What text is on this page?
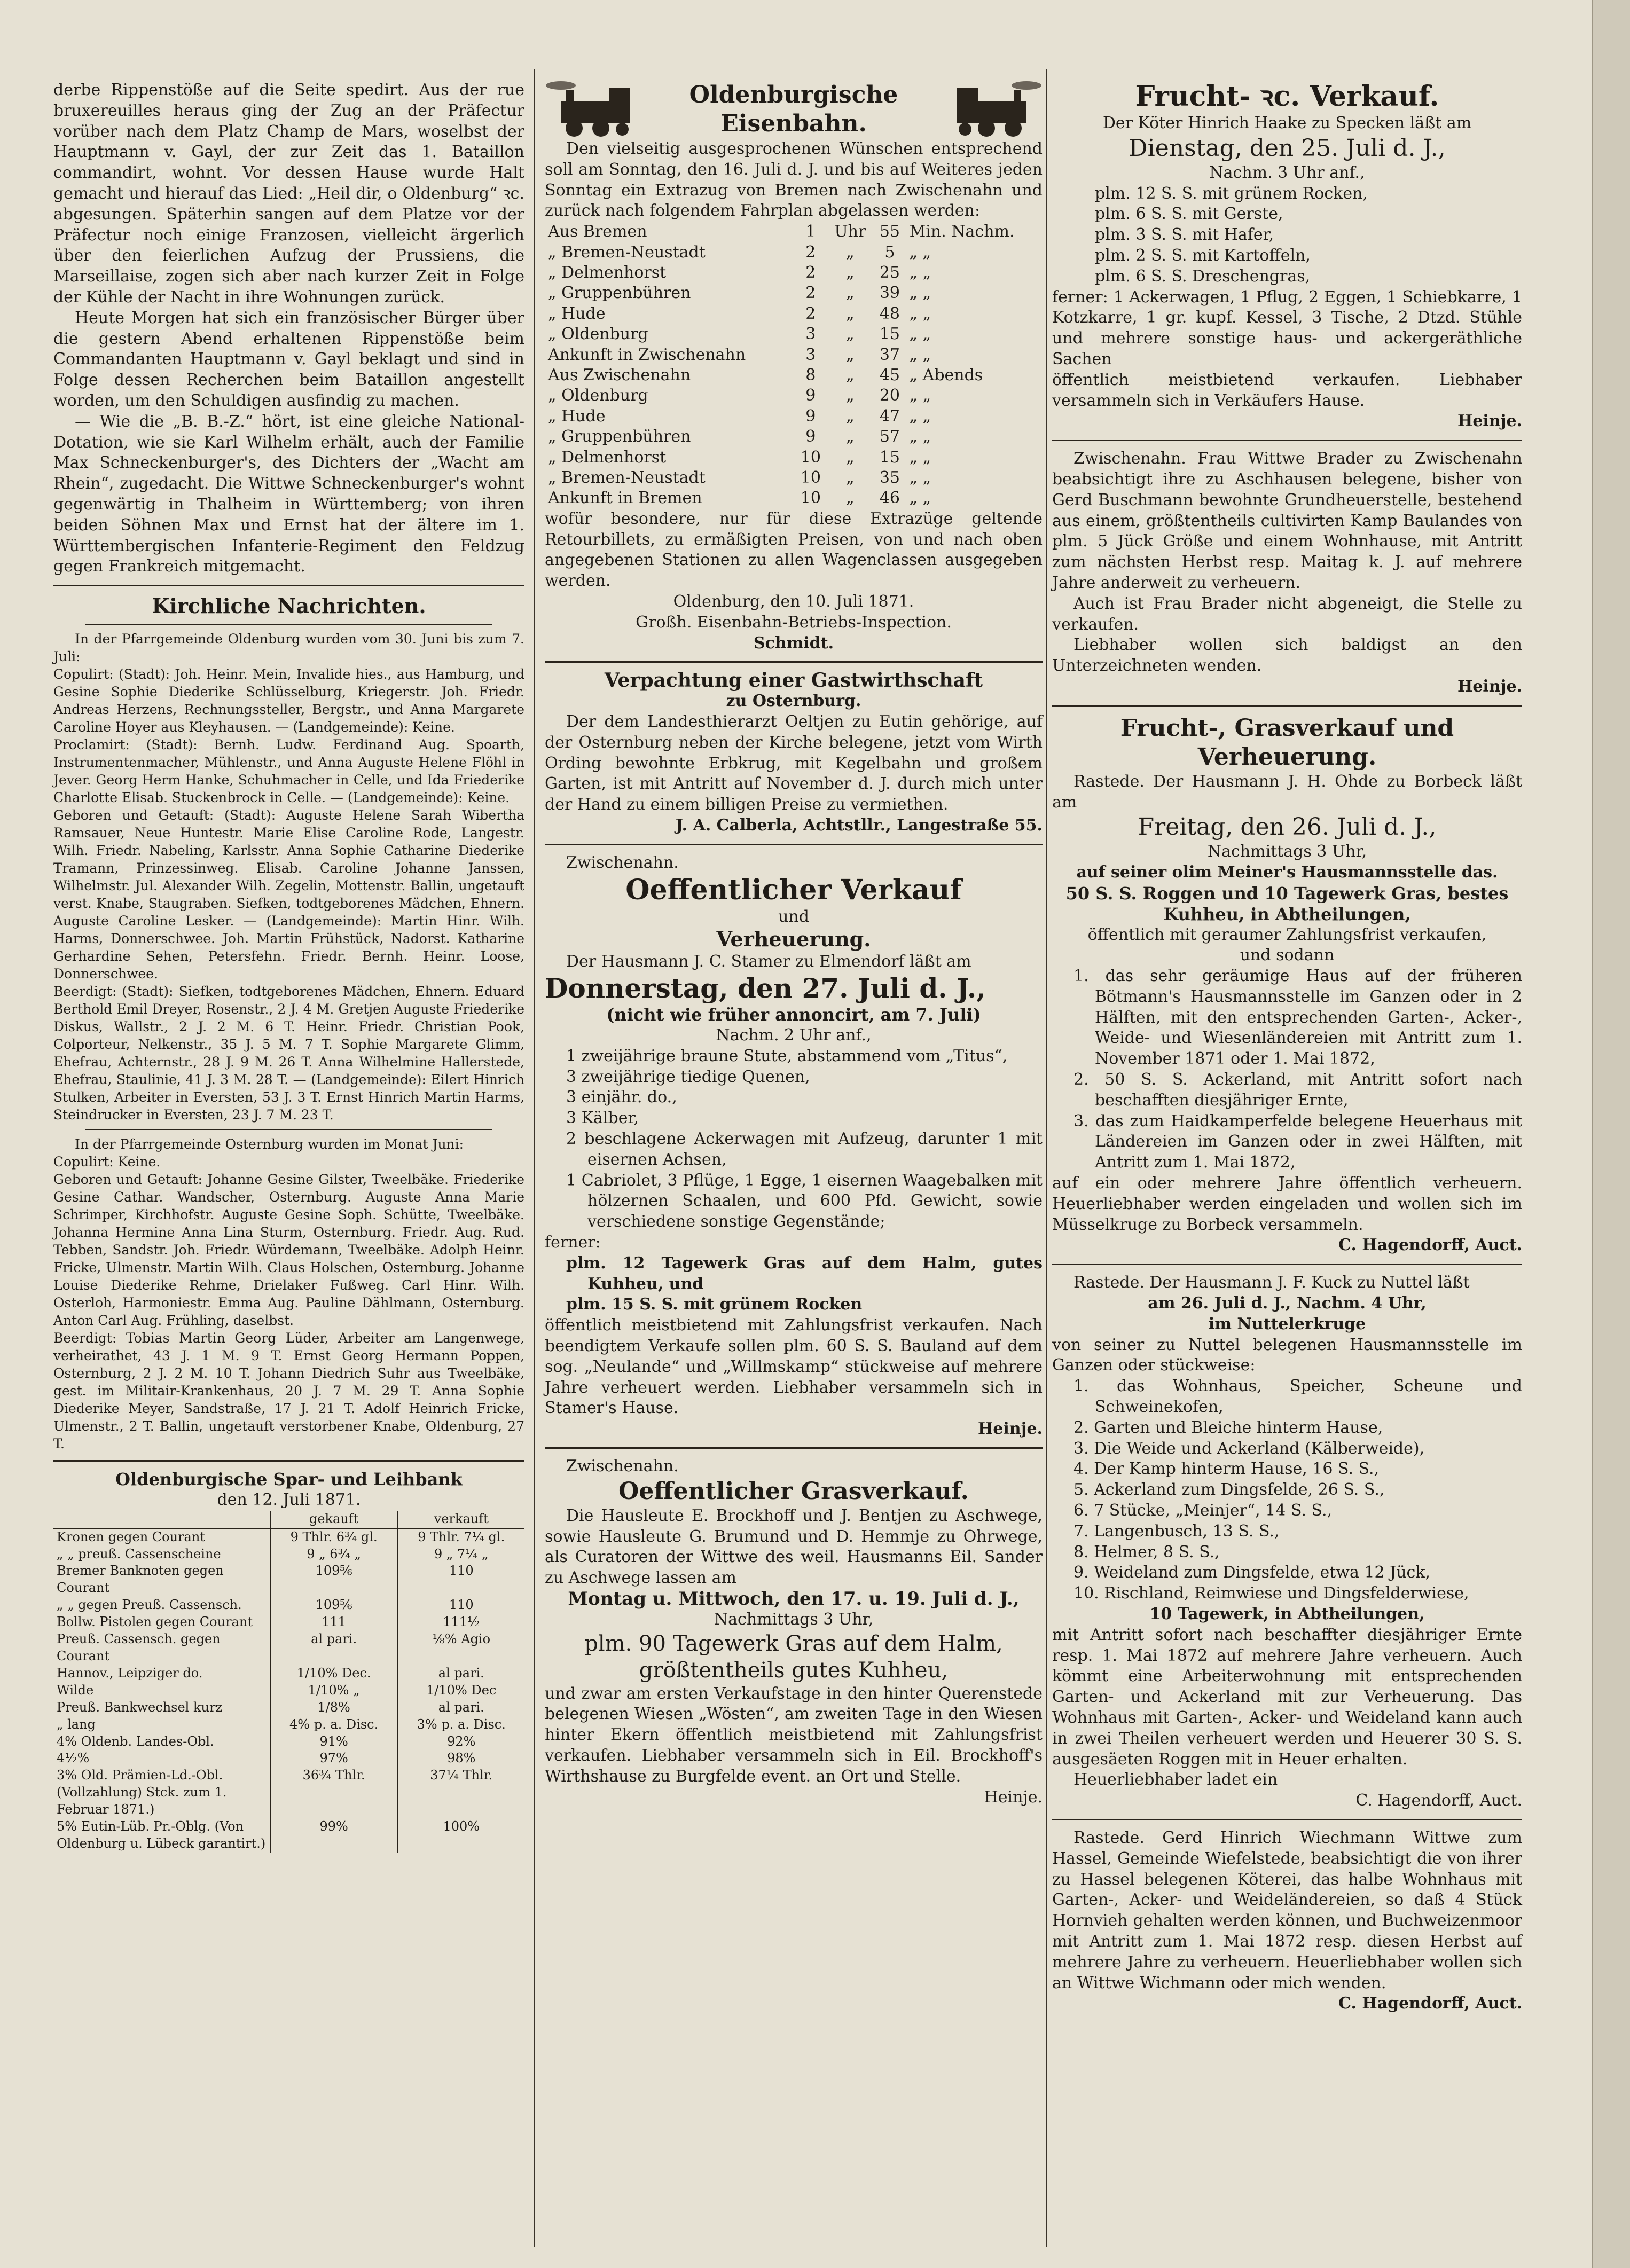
derbe Rippenstöße auf die Seite spedirt. Aus der rue bruxereuilles heraus ging der Zug an der Präfectur vorüber nach dem Platz Champ de Mars, woselbst der Hauptmann v. Gayl, der zur Zeit das 1. Bataillon commandirt, wohnt. Vor dessen Hause wurde Halt gemacht und hierauf das Lied: „Heil dir, o Oldenburg“ ꝛc. abgesungen. Späterhin sangen auf dem Platze vor der Präfectur noch einige Franzosen, vielleicht ärgerlich über den feierlichen Aufzug der Prussiens, die Marseillaise, zogen sich aber nach kurzer Zeit in Folge der Kühle der Nacht in ihre Wohnungen zurück.

Heute Morgen hat sich ein französischer Bürger über die gestern Abend erhaltenen Rippenstöße beim Commandanten Hauptmann v. Gayl beklagt und sind in Folge dessen Recherchen beim Bataillon angestellt worden, um den Schuldigen ausfindig zu machen.

— Wie die „B. B.-Z.“ hört, ist eine gleiche National-Dotation, wie sie Karl Wilhelm erhält, auch der Familie Max Schneckenburger's, des Dichters der „Wacht am Rhein“, zugedacht. Die Wittwe Schneckenburger's wohnt gegenwärtig in Thalheim in Württemberg; von ihren beiden Söhnen Max und Ernst hat der ältere im 1. Württembergischen Infanterie-Regiment den Feldzug gegen Frankreich mitgemacht.

Kirchliche Nachrichten.

In der Pfarrgemeinde Oldenburg wurden vom 30. Juni bis zum 7. Juli:

Copulirt: (Stadt): Joh. Heinr. Mein, Invalide hies., aus Hamburg, und Gesine Sophie Diederike Schlüsselburg, Kriegerstr. Joh. Friedr. Andreas Herzens, Rechnungssteller, Bergstr., und Anna Margarete Caroline Hoyer aus Kleyhausen. — (Landgemeinde): Keine.

Proclamirt: (Stadt): Bernh. Ludw. Ferdinand Aug. Spoarth, Instrumentenmacher, Mühlenstr., und Anna Auguste Helene Flöhl in Jever. Georg Herm Hanke, Schuhmacher in Celle, und Ida Friederike Charlotte Elisab. Stuckenbrock in Celle. — (Landgemeinde): Keine.

Geboren und Getauft: (Stadt): Auguste Helene Sarah Wibertha Ramsauer, Neue Huntestr. Marie Elise Caroline Rode, Langestr. Wilh. Friedr. Nabeling, Karlsstr. Anna Sophie Catharine Diederike Tramann, Prinzessinweg. Elisab. Caroline Johanne Janssen, Wilhelmstr. Jul. Alexander Wilh. Zegelin, Mottenstr. Ballin, ungetauft verst. Knabe, Staugraben. Siefken, todtgeborenes Mädchen, Ehnern. Auguste Caroline Lesker. — (Landgemeinde): Martin Hinr. Wilh. Harms, Donnerschwee. Joh. Martin Frühstück, Nadorst. Katharine Gerhardine Sehen, Petersfehn. Friedr. Bernh. Heinr. Loose, Donnerschwee.

Beerdigt: (Stadt): Siefken, todtgeborenes Mädchen, Ehnern. Eduard Berthold Emil Dreyer, Rosenstr., 2 J. 4 M. Gretjen Auguste Friederike Diskus, Wallstr., 2 J. 2 M. 6 T. Heinr. Friedr. Christian Pook, Colporteur, Nelkenstr., 35 J. 5 M. 7 T. Sophie Margarete Glimm, Ehefrau, Achternstr., 28 J. 9 M. 26 T. Anna Wilhelmine Hallerstede, Ehefrau, Staulinie, 41 J. 3 M. 28 T. — (Landgemeinde): Eilert Hinrich Stulken, Arbeiter in Eversten, 53 J. 3 T. Ernst Hinrich Martin Harms, Steindrucker in Eversten, 23 J. 7 M. 23 T.

In der Pfarrgemeinde Osternburg wurden im Monat Juni:

Copulirt: Keine.

Geboren und Getauft: Johanne Gesine Gilster, Tweelbäke. Friederike Gesine Cathar. Wandscher, Osternburg. Auguste Anna Marie Schrimper, Kirchhofstr. Auguste Gesine Soph. Schütte, Tweelbäke. Johanna Hermine Anna Lina Sturm, Osternburg. Friedr. Aug. Rud. Tebben, Sandstr. Joh. Friedr. Würdemann, Tweelbäke. Adolph Heinr. Fricke, Ulmenstr. Martin Wilh. Claus Holschen, Osternburg. Johanne Louise Diederike Rehme, Drielaker Fußweg. Carl Hinr. Wilh. Osterloh, Harmoniestr. Emma Aug. Pauline Dählmann, Osternburg. Anton Carl Aug. Frühling, daselbst.

Beerdigt: Tobias Martin Georg Lüder, Arbeiter am Langenwege, verheirathet, 43 J. 1 M. 9 T. Ernst Georg Hermann Poppen, Osternburg, 2 J. 2 M. 10 T. Johann Diedrich Suhr aus Tweelbäke, gest. im Militair-Krankenhaus, 20 J. 7 M. 29 T. Anna Sophie Diederike Meyer, Sandstraße, 17 J. 21 T. Adolf Heinrich Fricke, Ulmenstr., 2 T. Ballin, ungetauft verstorbener Knabe, Oldenburg, 27 T.

Oldenburgische Spar- und Leihbank
den 12. Juli 1871.
	gekauft	verkauft
Kronen gegen Courant	9 Thlr. 6¾ gl.	9 Thlr. 7¼ gl.
„ „ preuß. Cassenscheine	9 „ 6¾ „	9 „ 7¼ „
Bremer Banknoten gegen Courant	109⅚	110
„ „ gegen Preuß. Cassensch.	109⅚	110
Bollw. Pistolen gegen Courant	111	111½
Preuß. Cassensch. gegen Courant	al pari.	⅛% Agio
Hannov., Leipziger do.	1/10% Dec.	al pari.
Wilde	1/10% „	1/10% Dec
Preuß. Bankwechsel kurz	1/8%	al pari.
„ lang	4% p. a. Disc.	3% p. a. Disc.
4% Oldenb. Landes-Obl.	91%	92%
4½%	97%	98%
3% Old. Prämien-Ld.-Obl.	36¾ Thlr.	37¼ Thlr.
(Vollzahlung) Stck. zum 1. Februar 1871.)		
5% Eutin-Lüb. Pr.-Oblg. (Von Oldenburg u. Lübeck garantirt.)	99%	100%
Oldenburgische Eisenbahn.

Den vielseitig ausgesprochenen Wünschen entsprechend soll am Sonntag, den 16. Juli d. J. und bis auf Weiteres jeden Sonntag ein Extrazug von Bremen nach Zwischenahn und zurück nach folgendem Fahrplan abgelassen werden:

Aus Bremen	1	Uhr	55	Min. Nachm.
„ Bremen-Neustadt	2	„	5	„ „
„ Delmenhorst	2	„	25	„ „
„ Gruppenbühren	2	„	39	„ „
„ Hude	2	„	48	„ „
„ Oldenburg	3	„	15	„ „
Ankunft in Zwischenahn	3	„	37	„ „
Aus Zwischenahn	8	„	45	„ Abends
„ Oldenburg	9	„	20	„ „
„ Hude	9	„	47	„ „
„ Gruppenbühren	9	„	57	„ „
„ Delmenhorst	10	„	15	„ „
„ Bremen-Neustadt	10	„	35	„ „
Ankunft in Bremen	10	„	46	„ „

wofür besondere, nur für diese Extrazüge geltende Retourbillets, zu ermäßigten Preisen, von und nach oben angegebenen Stationen zu allen Wagenclassen ausgegeben werden.

Oldenburg, den 10. Juli 1871.

Großh. Eisenbahn-Betriebs-Inspection.

Schmidt.

Verpachtung einer Gastwirthschaft
zu Osternburg.

Der dem Landesthierarzt Oeltjen zu Eutin gehörige, auf der Osternburg neben der Kirche belegene, jetzt vom Wirth Ording bewohnte Erbkrug, mit Kegelbahn und großem Garten, ist mit Antritt auf November d. J. durch mich unter der Hand zu einem billigen Preise zu vermiethen.

J. A. Calberla, Achtstllr., Langestraße 55.

Zwischenahn.

Oeffentlicher Verkauf
und
Verheuerung.

Der Hausmann J. C. Stamer zu Elmendorf läßt am

Donnerstag, den 27. Juli d. J.,
(nicht wie früher annoncirt, am 7. Juli)

Nachm. 2 Uhr anf.,

1 zweijährige braune Stute, abstammend vom „Titus“,

3 zweijährige tiedige Quenen,

3 einjähr. do.,

3 Kälber,

2 beschlagene Ackerwagen mit Aufzeug, darunter 1 mit eisernen Achsen,

1 Cabriolet, 3 Pflüge, 1 Egge, 1 eisernen Waagebalken mit hölzernen Schaalen, und 600 Pfd. Gewicht, sowie verschiedene sonstige Gegenstände;

ferner:

plm. 12 Tagewerk Gras auf dem Halm, gutes Kuhheu, und

plm. 15 S. S. mit grünem Rocken

öffentlich meistbietend mit Zahlungsfrist verkaufen. Nach beendigtem Verkaufe sollen plm. 60 S. S. Bauland auf dem sog. „Neulande“ und „Willmskamp“ stückweise auf mehrere Jahre verheuert werden. Liebhaber versammeln sich in Stamer's Hause.

Heinje.

Zwischenahn.

Oeffentlicher Grasverkauf.

Die Hausleute E. Brockhoff und J. Bentjen zu Aschwege, sowie Hausleute G. Brumund und D. Hemmje zu Ohrwege, als Curatoren der Wittwe des weil. Hausmanns Eil. Sander zu Aschwege lassen am

Montag u. Mittwoch, den 17. u. 19. Juli d. J.,

Nachmittags 3 Uhr,

plm. 90 Tagewerk Gras auf dem Halm, größtentheils gutes Kuhheu,

und zwar am ersten Verkaufstage in den hinter Querenstede belegenen Wiesen „Wösten“, am zweiten Tage in den Wiesen hinter Ekern öffentlich meistbietend mit Zahlungsfrist verkaufen. Liebhaber versammeln sich in Eil. Brockhoff's Wirthshause zu Burgfelde event. an Ort und Stelle.

Heinje.

Frucht- ꝛc. Verkauf.

Der Köter Hinrich Haake zu Specken läßt am

Dienstag, den 25. Juli d. J.,

Nachm. 3 Uhr anf.,

plm. 12 S. S. mit grünem Rocken,

plm. 6 S. S. mit Gerste,

plm. 3 S. S. mit Hafer,

plm. 2 S. S. mit Kartoffeln,

plm. 6 S. S. Dreschengras,

ferner: 1 Ackerwagen, 1 Pflug, 2 Eggen, 1 Schiebkarre, 1 Kotzkarre, 1 gr. kupf. Kessel, 3 Tische, 2 Dtzd. Stühle und mehrere sonstige haus- und ackergeräthliche Sachen

öffentlich meistbietend verkaufen. Liebhaber versammeln sich in Verkäufers Hause.

Heinje.

Zwischenahn. Frau Wittwe Brader zu Zwischenahn beabsichtigt ihre zu Aschhausen belegene, bisher von Gerd Buschmann bewohnte Grundheuerstelle, bestehend aus einem, größtentheils cultivirten Kamp Baulandes von plm. 5 Jück Größe und einem Wohnhause, mit Antritt zum nächsten Herbst resp. Maitag k. J. auf mehrere Jahre anderweit zu verheuern.

Auch ist Frau Brader nicht abgeneigt, die Stelle zu verkaufen.

Liebhaber wollen sich baldigst an den Unterzeichneten wenden.

Heinje.

Frucht-, Grasverkauf und Verheuerung.

Rastede. Der Hausmann J. H. Ohde zu Borbeck läßt am

Freitag, den 26. Juli d. J.,

Nachmittags 3 Uhr,

auf seiner olim Meiner's Hausmannsstelle das.

50 S. S. Roggen und 10 Tagewerk Gras, bestes Kuhheu, in Abtheilungen,

öffentlich mit geraumer Zahlungsfrist verkaufen,

und sodann

1. das sehr geräumige Haus auf der früheren Bötmann's Hausmannsstelle im Ganzen oder in 2 Hälften, mit den entsprechenden Garten-, Acker-, Weide- und Wiesenländereien mit Antritt zum 1. November 1871 oder 1. Mai 1872,

2. 50 S. S. Ackerland, mit Antritt sofort nach beschafften diesjähriger Ernte,

3. das zum Haidkamperfelde belegene Heuerhaus mit Ländereien im Ganzen oder in zwei Hälften, mit Antritt zum 1. Mai 1872,

auf ein oder mehrere Jahre öffentlich verheuern. Heuerliebhaber werden eingeladen und wollen sich im Müsselkruge zu Borbeck versammeln.

C. Hagendorff, Auct.

Rastede. Der Hausmann J. F. Kuck zu Nuttel läßt

am 26. Juli d. J., Nachm. 4 Uhr,

im Nuttelerkruge

von seiner zu Nuttel belegenen Hausmannsstelle im Ganzen oder stückweise:

1. das Wohnhaus, Speicher, Scheune und Schweinekofen,

2. Garten und Bleiche hinterm Hause,

3. Die Weide und Ackerland (Kälberweide),

4. Der Kamp hinterm Hause, 16 S. S.,

5. Ackerland zum Dingsfelde, 26 S. S.,

6. 7 Stücke, „Meinjer“, 14 S. S.,

7. Langenbusch, 13 S. S.,

8. Helmer, 8 S. S.,

9. Weideland zum Dingsfelde, etwa 12 Jück,

10. Rischland, Reimwiese und Dingsfelderwiese,

10 Tagewerk, in Abtheilungen,

mit Antritt sofort nach beschaffter diesjähriger Ernte resp. 1. Mai 1872 auf mehrere Jahre verheuern. Auch kömmt eine Arbeiterwohnung mit entsprechenden Garten- und Ackerland mit zur Verheuerung. Das Wohnhaus mit Garten-, Acker- und Weideland kann auch in zwei Theilen verheuert werden und Heuerer 30 S. S. ausgesäeten Roggen mit in Heuer erhalten.

Heuerliebhaber ladet ein

C. Hagendorff, Auct.

Rastede. Gerd Hinrich Wiechmann Wittwe zum Hassel, Gemeinde Wiefelstede, beabsichtigt die von ihrer zu Hassel belegenen Köterei, das halbe Wohnhaus mit Garten-, Acker- und Weideländereien, so daß 4 Stück Hornvieh gehalten werden können, und Buchweizenmoor mit Antritt zum 1. Mai 1872 resp. diesen Herbst auf mehrere Jahre zu verheuern. Heuerliebhaber wollen sich an Wittwe Wichmann oder mich wenden.

C. Hagendorff, Auct.
